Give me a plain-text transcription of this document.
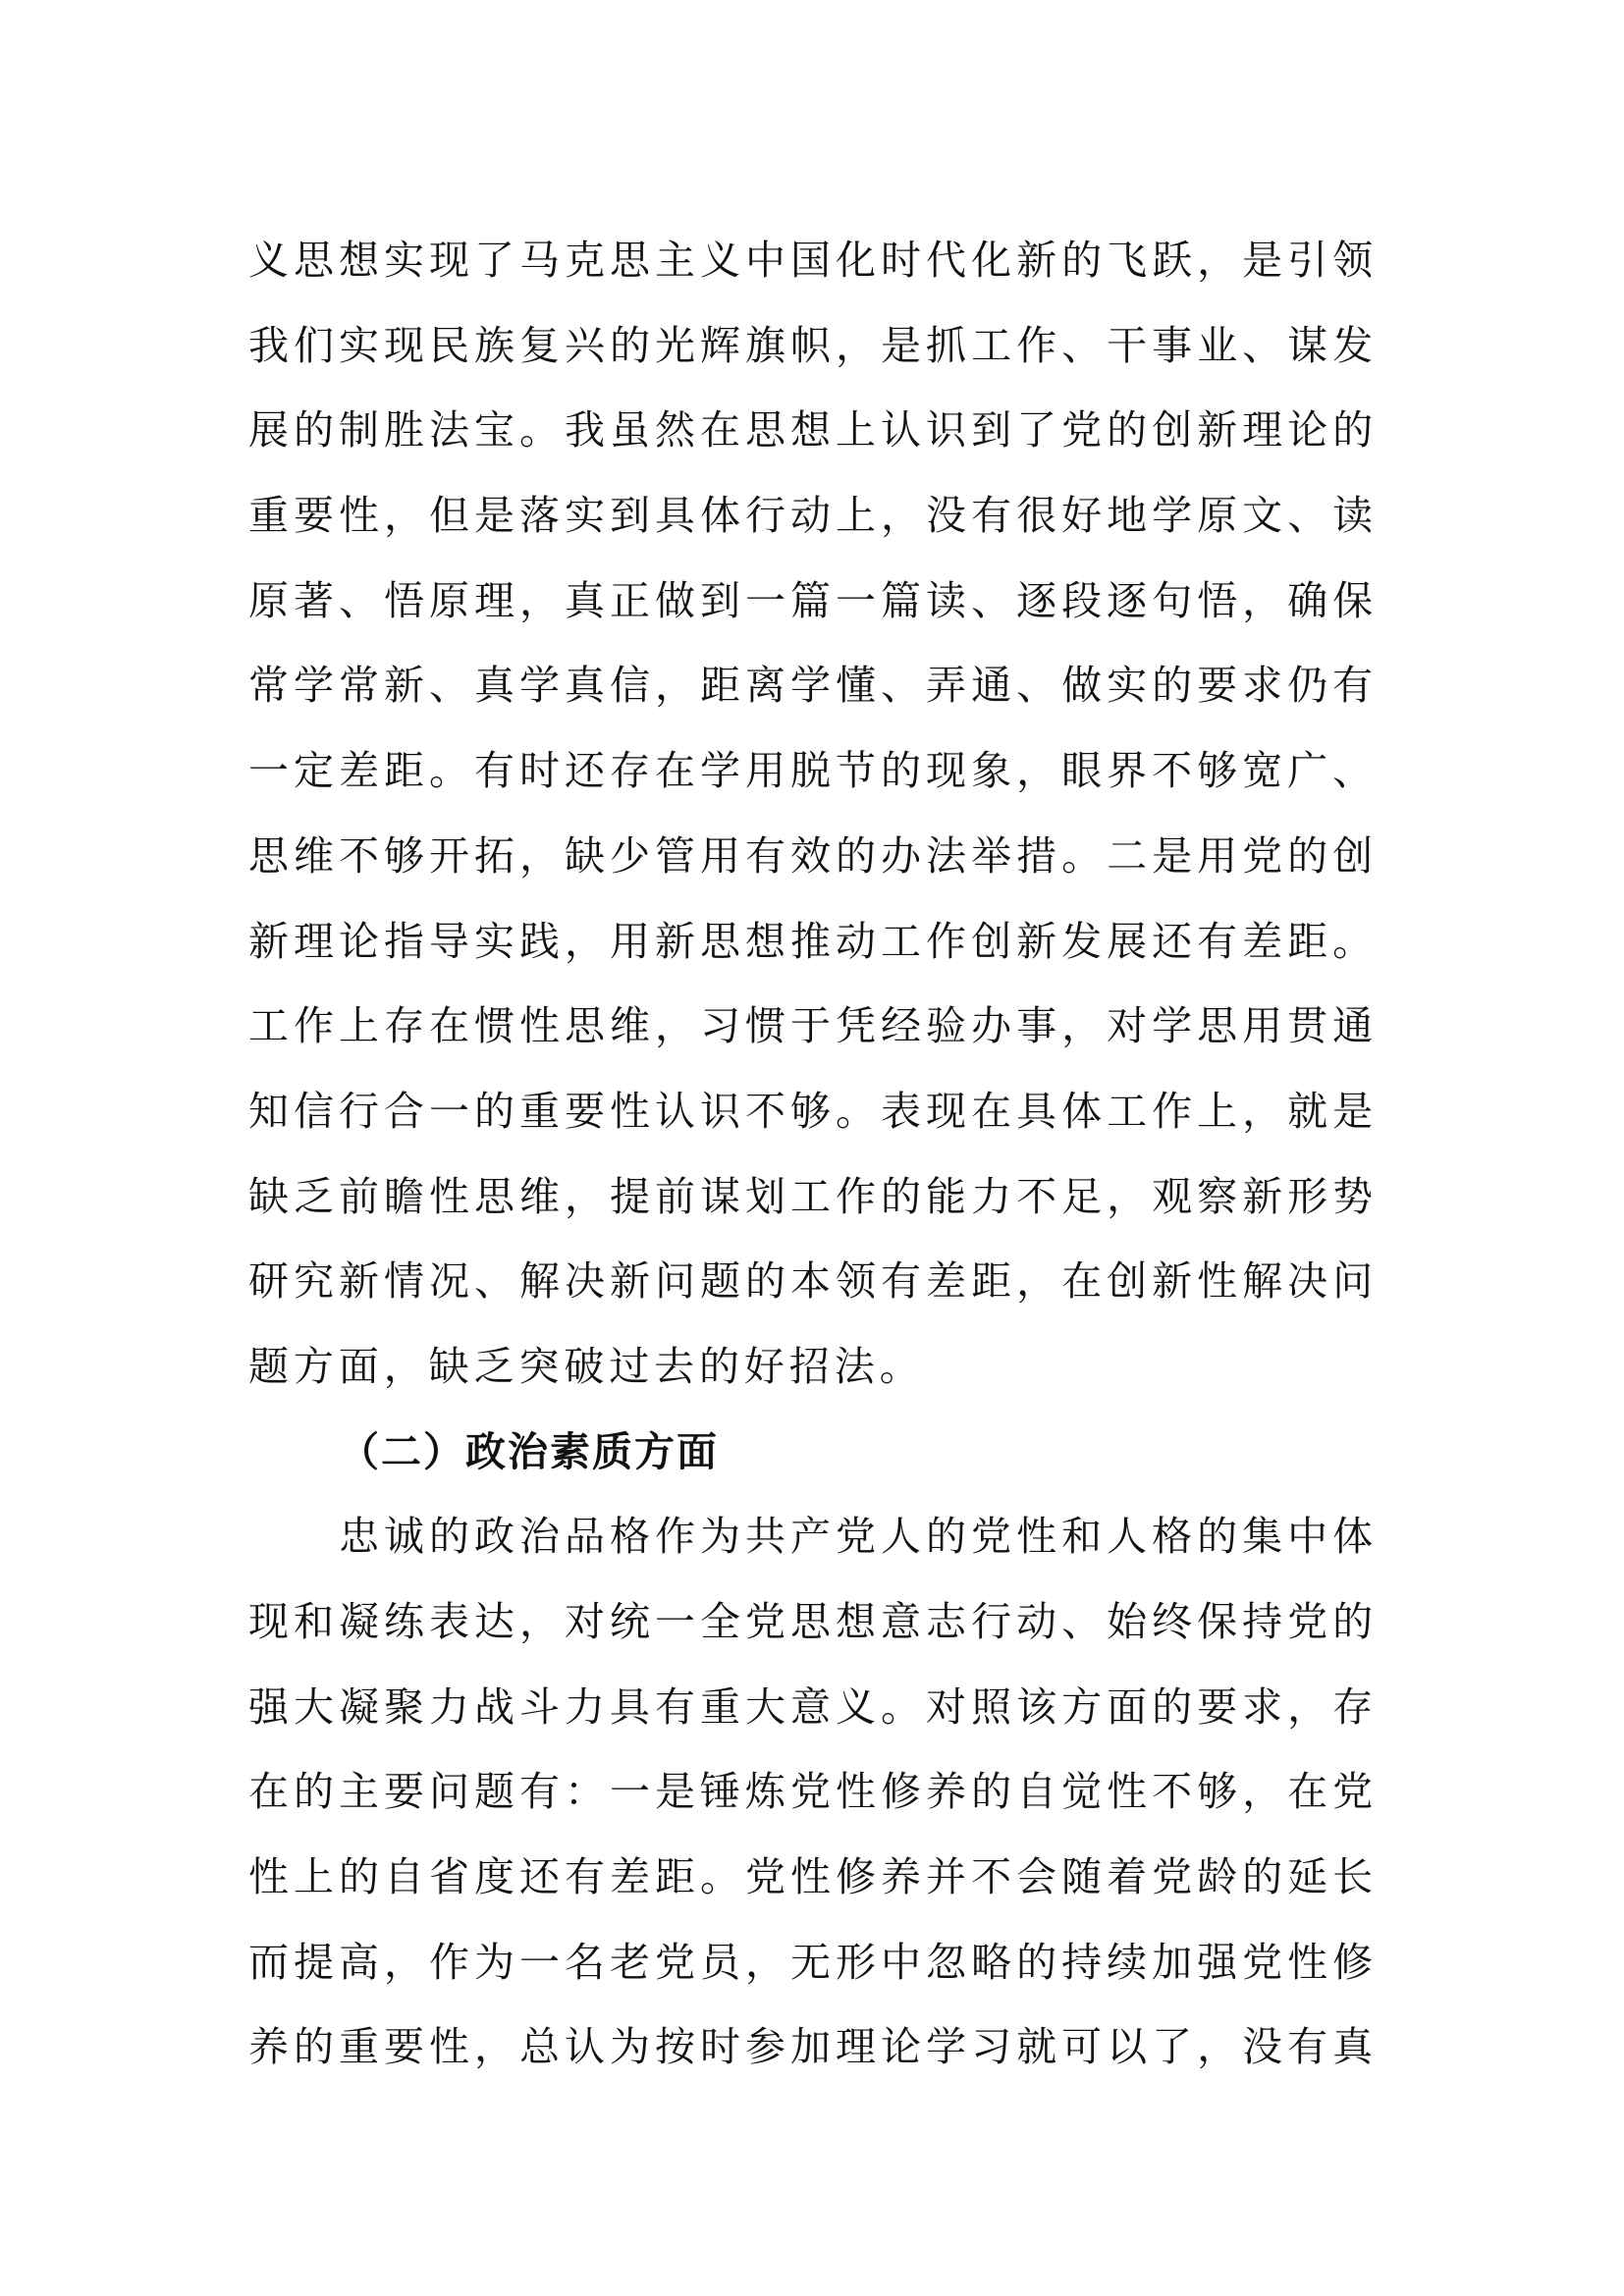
义思想实现了马克思主义中国化时代化新的飞跃，是引领
我们实现民族复兴的光辉旗帜，是抓工作、干事业、谋发
展的制胜法宝。我虽然在思想上认识到了党的创新理论的
重要性，但是落实到具体行动上，没有很好地学原文、读
原著、悟原理，真正做到一篇一篇读、逐段逐句悟，确保
常学常新、真学真信，距离学懂、弄通、做实的要求仍有
一定差距。有时还存在学用脱节的现象，眼界不够宽广、
思维不够开拓，缺少管用有效的办法举措。二是用党的创
新理论指导实践，用新思想推动工作创新发展还有差距。
工作上存在惯性思维，习惯于凭经验办事，对学思用贯通
知信行合一的重要性认识不够。表现在具体工作上，就是
缺乏前瞻性思维，提前谋划工作的能力不足，观察新形势
研究新情况、解决新问题的本领有差距，在创新性解决问
题方面，缺乏突破过去的好招法。
（二）政治素质方面
忠诚的政治品格作为共产党人的党性和人格的集中体
现和凝练表达，对统一全党思想意志行动、始终保持党的
强大凝聚力战斗力具有重大意义。对照该方面的要求，存
在的主要问题有：一是锤炼党性修养的自觉性不够，在党
性上的自省度还有差距。党性修养并不会随着党龄的延长
而提高，作为一名老党员，无形中忽略的持续加强党性修
养的重要性，总认为按时参加理论学习就可以了，没有真
